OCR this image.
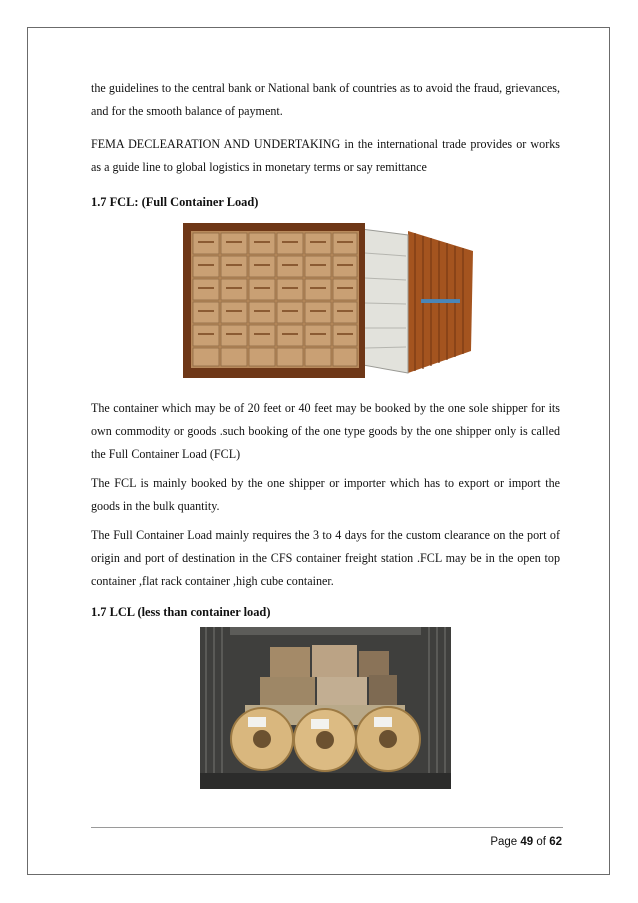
the guidelines to the central bank or National bank of countries as to avoid the fraud, grievances, and for the smooth balance of payment.

FEMA DECLEARATION AND UNDERTAKING in the international trade provides or works as a guide line to global logistics in monetary terms or say remittance

1.7 FCL: (Full Container Load)

▬▬▬

The container which may be of 20 feet or 40 feet may be booked by the one sole shipper for its own commodity or goods .such booking of the one type goods by the one shipper only is called the Full Container Load (FCL)

The FCL is mainly booked by the one shipper or importer which has to export or import the goods in the bulk quantity.

The Full Container Load mainly requires the 3 to 4 days for the custom clearance on the port of origin and port of destination in the CFS container freight station .FCL may be in the open top container ,flat rack container ,high cube container.

1.7 LCL (less than container load)

Page 49 of 62
